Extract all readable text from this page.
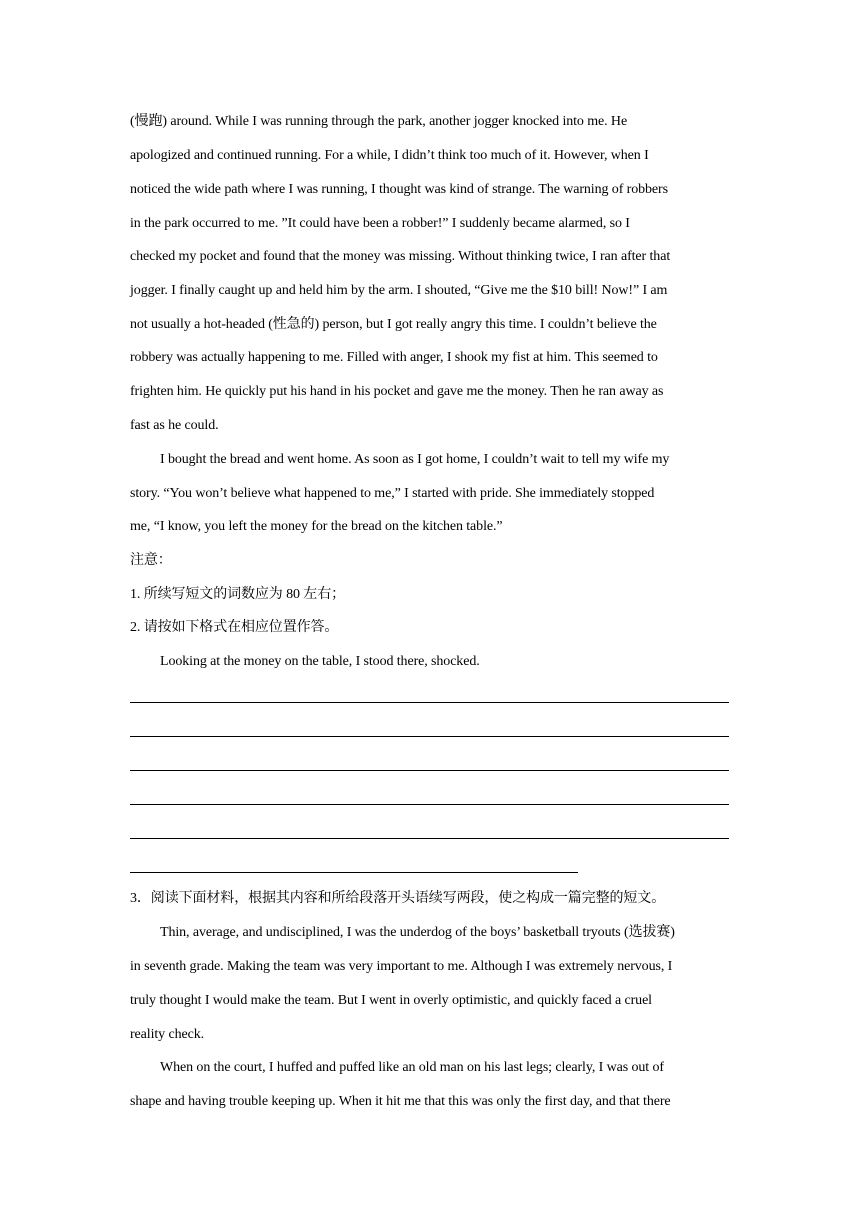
(慢跑) around. While I was running through the park, another jogger knocked into me. He
apologized and continued running. For a while, I didn’t think too much of it. However, when I
noticed the wide path where I was running, I thought was kind of strange. The warning of robbers
in the park occurred to me. ”It could have been a robber!” I suddenly became alarmed, so I
checked my pocket and found that the money was missing. Without thinking twice, I ran after that
jogger. I finally caught up and held him by the arm. I shouted, “Give me the $10 bill! Now!” I am
not usually a hot-headed (性急的) person, but I got really angry this time. I couldn’t believe the
robbery was actually happening to me. Filled with anger, I shook my fist at him. This seemed to
frighten him. He quickly put his hand in his pocket and gave me the money. Then he ran away as
fast as he could.
I bought the bread and went home. As soon as I got home, I couldn’t wait to tell my wife my
story. “You won’t believe what happened to me,” I started with pride. She immediately stopped
me, “I know, you left the money for the bread on the kitchen table.”
注意：
1. 所续写短文的词数应为 80 左右；
2. 请按如下格式在相应位置作答。
Looking at the money on the table, I stood there, shocked.
3．阅读下面材料，根据其内容和所给段落开头语续写两段，使之构成一篇完整的短文。
Thin, average, and undisciplined, I was the underdog of the boys’ basketball tryouts (选拔赛)
in seventh grade. Making the team was very important to me. Although I was extremely nervous, I
truly thought I would make the team. But I went in overly optimistic, and quickly faced a cruel
reality check.
When on the court, I huffed and puffed like an old man on his last legs; clearly, I was out of
shape and having trouble keeping up. When it hit me that this was only the first day, and that there
